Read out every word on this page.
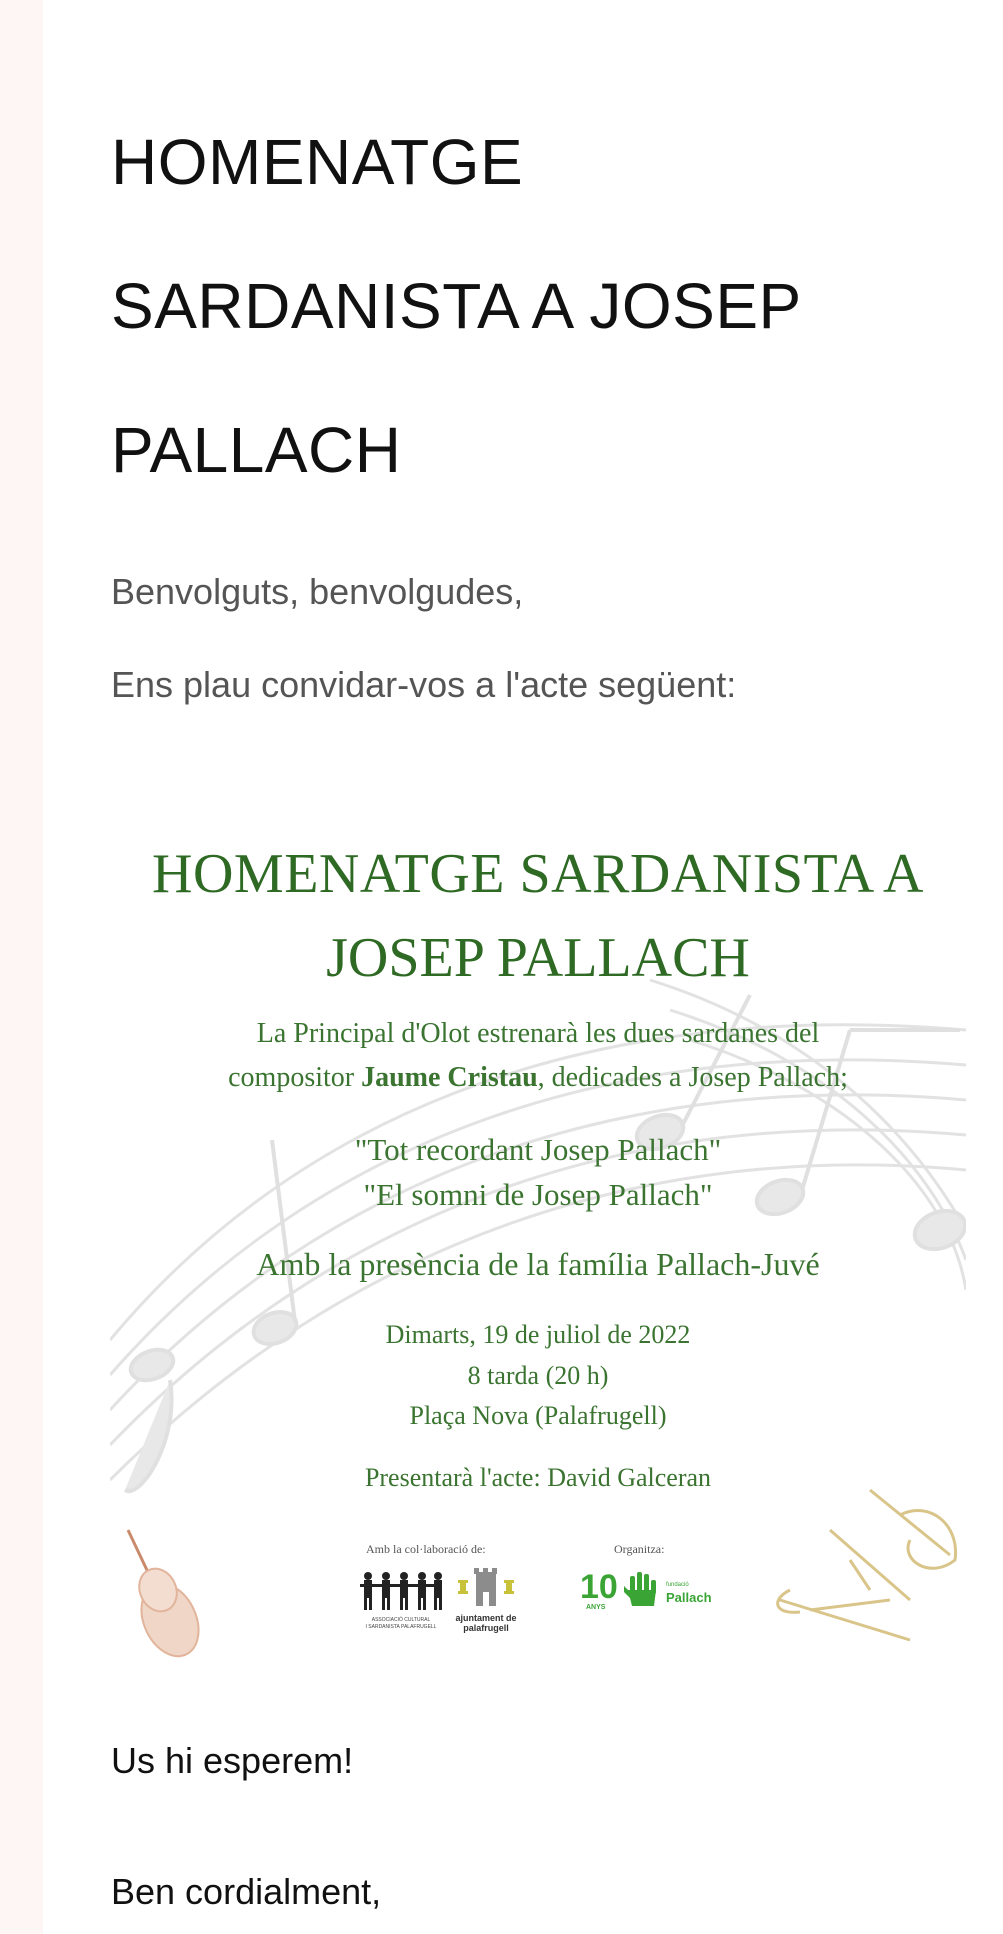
HOMENATGE
SARDANISTA A JOSEP
PALLACH

Benvolguts, benvolgudes,

Ens plau convidar-vos a l'acte següent:

HOMENATGE SARDANISTA A

JOSEP PALLACH

La Principal d'Olot estrenarà les dues sardanes del

compositor Jaume Cristau, dedicades a Josep Pallach;

"Tot recordant Josep Pallach"

"El somni de Josep Pallach"

Amb la presència de la família Pallach-Juvé

Dimarts, 19 de juliol de 2022

8 tarda (20 h)

Plaça Nova (Palafrugell)

Presentarà l'acte: David Galceran

Amb la col·laboració de:	Organitza:

ASSOCIACIÓ CULTURAL
I SARDANISTA PALAFRUGELL
ajuntament de
palafrugell
10
ANYS
fundació
Pallach

Us hi esperem!

Ben cordialment,
